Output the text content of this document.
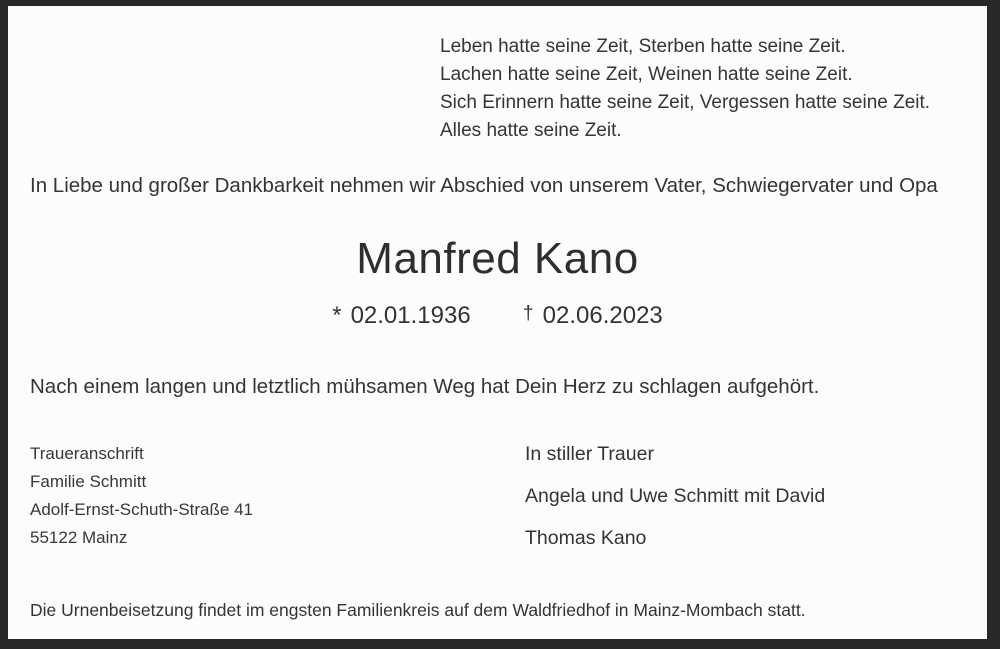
Leben hatte seine Zeit, Sterben hatte seine Zeit.
Lachen hatte seine Zeit, Weinen hatte seine Zeit.
Sich Erinnern hatte seine Zeit, Vergessen hatte seine Zeit.
Alles hatte seine Zeit.
In Liebe und großer Dankbarkeit nehmen wir Abschied von unserem Vater, Schwiegervater und Opa
Manfred Kano
* 02.01.1936	† 02.06.2023
Nach einem langen und letztlich mühsamen Weg hat Dein Herz zu schlagen aufgehört.
Traueranschrift
Familie Schmitt
Adolf-Ernst-Schuth-Straße 41
55122 Mainz
In stiller Trauer
Angela und Uwe Schmitt mit David
Thomas Kano
Die Urnenbeisetzung findet im engsten Familienkreis auf dem Waldfriedhof in Mainz-Mombach statt.
